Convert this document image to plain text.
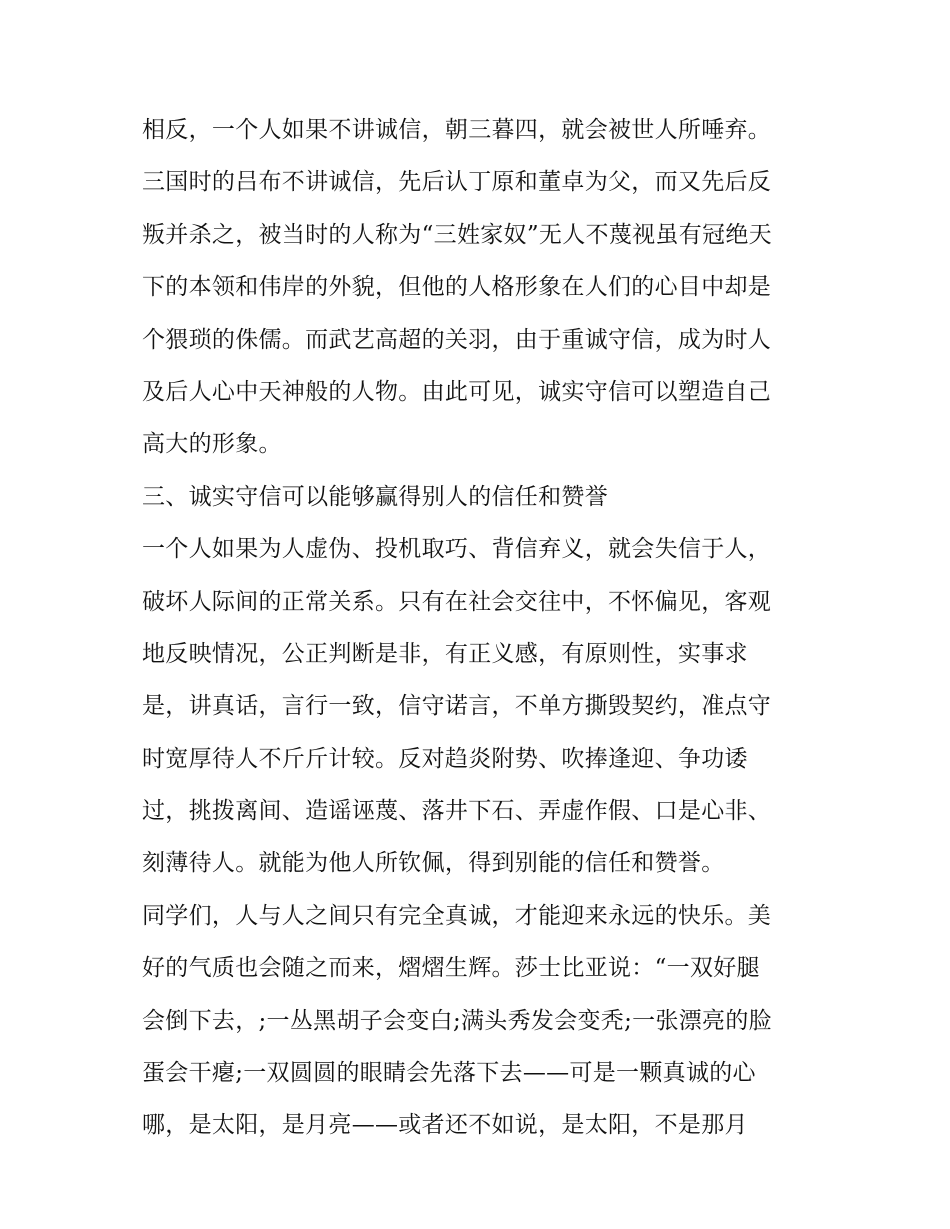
相反，一个人如果不讲诚信，朝三暮四，就会被世人所唾弃。
三国时的吕布不讲诚信，先后认丁原和董卓为父，而又先后反
叛并杀之，被当时的人称为“三姓家奴”无人不蔑视虽有冠绝天
下的本领和伟岸的外貌，但他的人格形象在人们的心目中却是
个猥琐的侏儒。而武艺高超的关羽，由于重诚守信，成为时人
及后人心中天神般的人物。由此可见，诚实守信可以塑造自己
高大的形象。
三、诚实守信可以能够赢得别人的信任和赞誉
一个人如果为人虚伪、投机取巧、背信弃义，就会失信于人，
破坏人际间的正常关系。只有在社会交往中，不怀偏见，客观
地反映情况，公正判断是非，有正义感，有原则性，实事求
是，讲真话，言行一致，信守诺言，不单方撕毁契约，准点守
时宽厚待人不斤斤计较。反对趋炎附势、吹捧逢迎、争功诿
过，挑拨离间、造谣诬蔑、落井下石、弄虚作假、口是心非、
刻薄待人。就能为他人所钦佩，得到别能的信任和赞誉。
同学们，人与人之间只有完全真诚，才能迎来永远的快乐。美
好的气质也会随之而来，熠熠生辉。莎士比亚说：“一双好腿
会倒下去，;一丛黑胡子会变白;满头秀发会变秃;一张漂亮的脸
蛋会干瘪;一双圆圆的眼睛会先落下去——可是一颗真诚的心
哪，是太阳，是月亮——或者还不如说，是太阳，不是那月
